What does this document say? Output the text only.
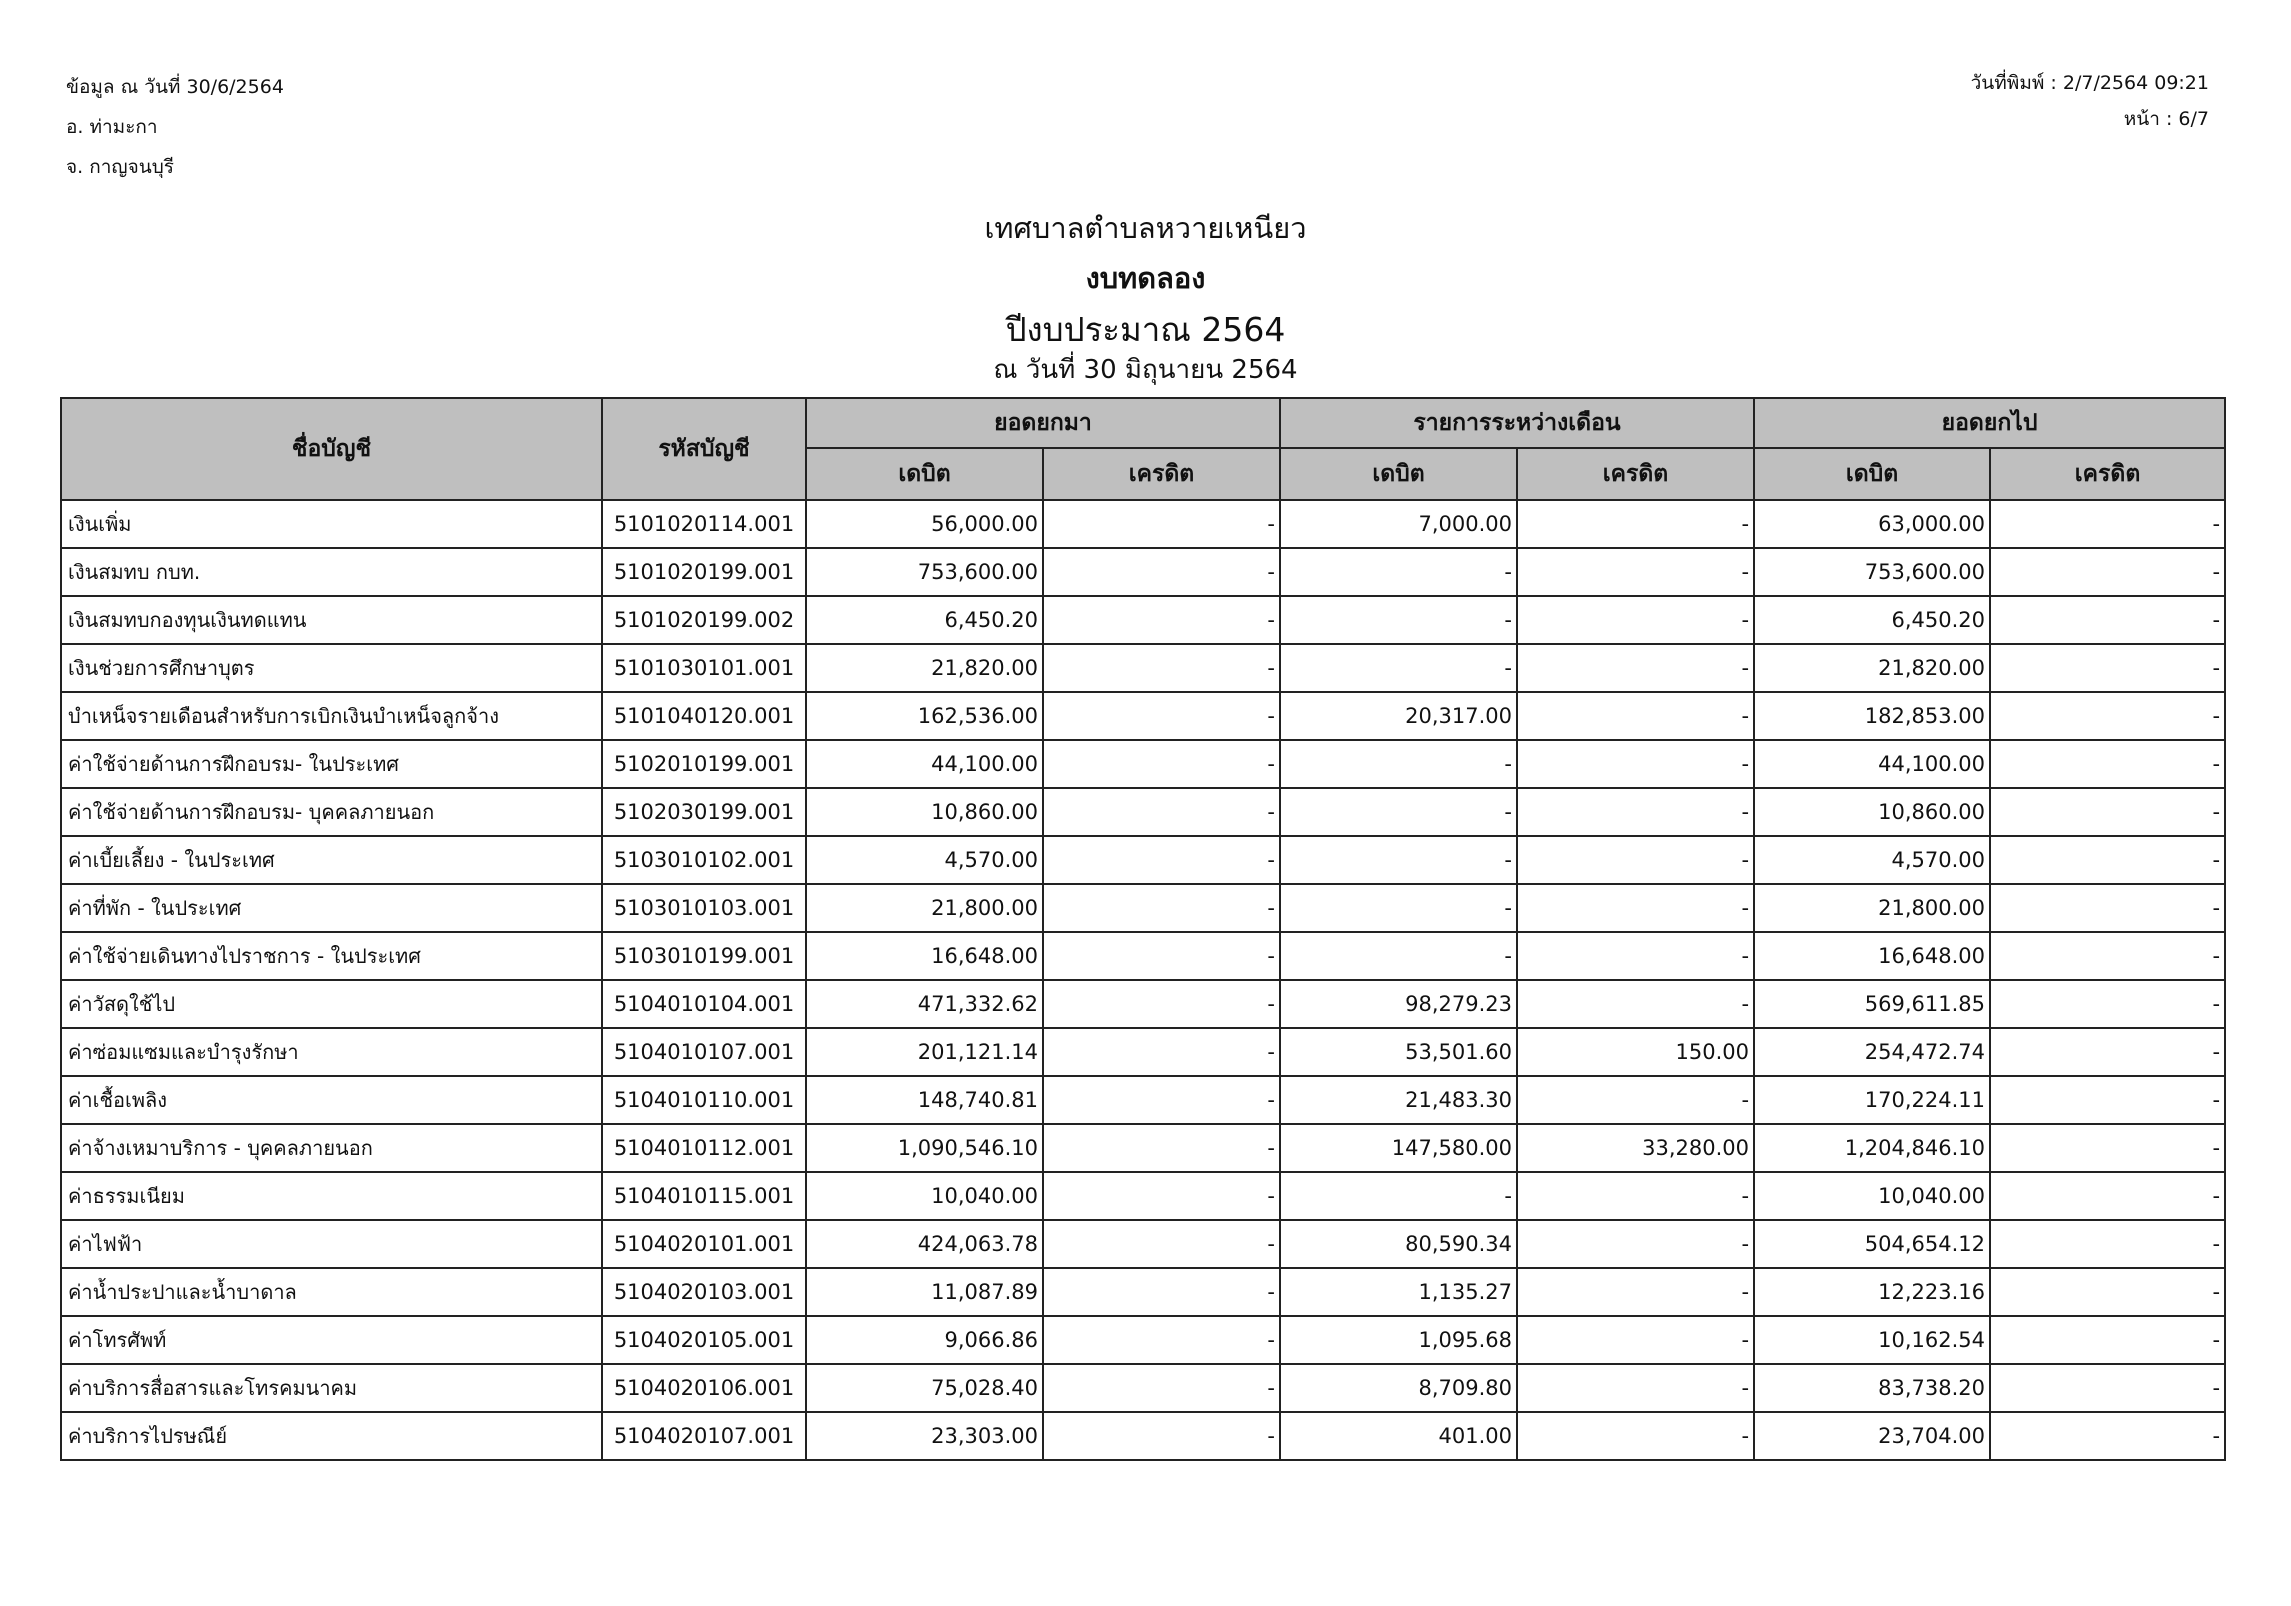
ข้อมูล ณ วันที่ 30/6/2564
อ. ท่ามะกา
จ. กาญจนบุรี
วันที่พิมพ์ : 2/7/2564 09:21
หน้า : 6/7
เทศบาลตำบลหวายเหนียว
งบทดลอง
ปีงบประมาณ 2564
ณ วันที่ 30 มิถุนายน 2564
ชื่อบัญชี	รหัสบัญชี	ยอดยกมา		รายการระหว่างเดือน		ยอดยกไป	
		เดบิต	เครดิต	เดบิต	เครดิต	เดบิต	เครดิต
เงินเพิ่ม	5101020114.001	56,000.00	-	7,000.00	-	63,000.00	-
เงินสมทบ กบท.	5101020199.001	753,600.00	-	-	-	753,600.00	-
เงินสมทบกองทุนเงินทดแทน	5101020199.002	6,450.20	-	-	-	6,450.20	-
เงินช่วยการศึกษาบุตร	5101030101.001	21,820.00	-	-	-	21,820.00	-
บำเหน็จรายเดือนสำหรับการเบิกเงินบำเหน็จลูกจ้าง	5101040120.001	162,536.00	-	20,317.00	-	182,853.00	-
ค่าใช้จ่ายด้านการฝึกอบรม- ในประเทศ	5102010199.001	44,100.00	-	-	-	44,100.00	-
ค่าใช้จ่ายด้านการฝึกอบรม- บุคคลภายนอก	5102030199.001	10,860.00	-	-	-	10,860.00	-
ค่าเบี้ยเลี้ยง - ในประเทศ	5103010102.001	4,570.00	-	-	-	4,570.00	-
ค่าที่พัก - ในประเทศ	5103010103.001	21,800.00	-	-	-	21,800.00	-
ค่าใช้จ่ายเดินทางไปราชการ - ในประเทศ	5103010199.001	16,648.00	-	-	-	16,648.00	-
ค่าวัสดุใช้ไป	5104010104.001	471,332.62	-	98,279.23	-	569,611.85	-
ค่าซ่อมแซมและบำรุงรักษา	5104010107.001	201,121.14	-	53,501.60	150.00	254,472.74	-
ค่าเชื้อเพลิง	5104010110.001	148,740.81	-	21,483.30	-	170,224.11	-
ค่าจ้างเหมาบริการ - บุคคลภายนอก	5104010112.001	1,090,546.10	-	147,580.00	33,280.00	1,204,846.10	-
ค่าธรรมเนียม	5104010115.001	10,040.00	-	-	-	10,040.00	-
ค่าไฟฟ้า	5104020101.001	424,063.78	-	80,590.34	-	504,654.12	-
ค่าน้ำประปาและน้ำบาดาล	5104020103.001	11,087.89	-	1,135.27	-	12,223.16	-
ค่าโทรศัพท์	5104020105.001	9,066.86	-	1,095.68	-	10,162.54	-
ค่าบริการสื่อสารและโทรคมนาคม	5104020106.001	75,028.40	-	8,709.80	-	83,738.20	-
ค่าบริการไปรษณีย์	5104020107.001	23,303.00	-	401.00	-	23,704.00	-
